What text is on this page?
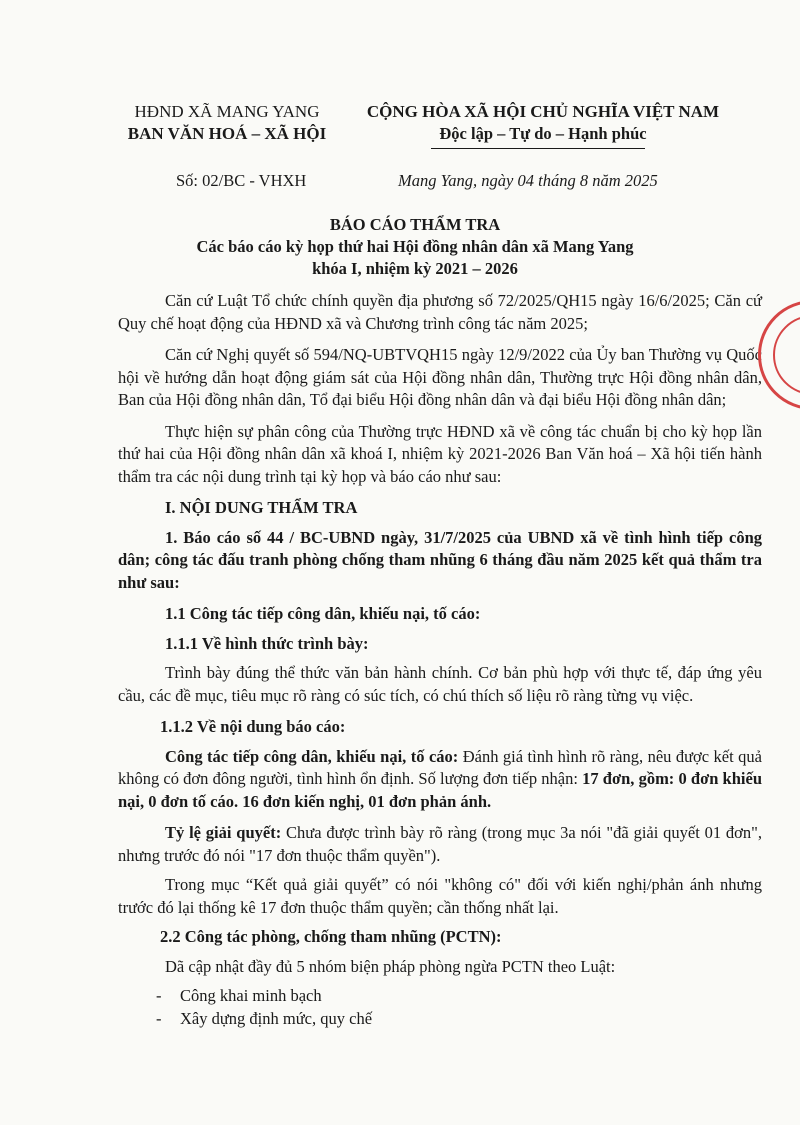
HĐND XÃ MANG YANG
BAN VĂN HOÁ – XÃ HỘI
CỘNG HÒA XÃ HỘI CHỦ NGHĨA VIỆT NAM
Độc lập – Tự do – Hạnh phúc
Số: 02/BC - VHXH	Mang Yang, ngày 04 tháng 8 năm 2025
BÁO CÁO THẨM TRA
Các báo cáo kỳ họp thứ hai Hội đồng nhân dân xã Mang Yang
khóa I, nhiệm kỳ 2021 – 2026

Căn cứ Luật Tổ chức chính quyền địa phương số 72/2025/QH15 ngày 16/6/2025; Căn cứ Quy chế hoạt động của HĐND xã và Chương trình công tác năm 2025;

Căn cứ Nghị quyết số 594/NQ-UBTVQH15 ngày 12/9/2022 của Ủy ban Thường vụ Quốc hội về hướng dẫn hoạt động giám sát của Hội đồng nhân dân, Thường trực Hội đồng nhân dân, Ban của Hội đồng nhân dân, Tổ đại biểu Hội đồng nhân dân và đại biểu Hội đồng nhân dân;

Thực hiện sự phân công của Thường trực HĐND xã về công tác chuẩn bị cho kỳ họp lần thứ hai của Hội đồng nhân dân xã khoá I, nhiệm kỳ 2021-2026 Ban Văn hoá – Xã hội tiến hành thẩm tra các nội dung trình tại kỳ họp và báo cáo như sau:

I. NỘI DUNG THẨM TRA

1. Báo cáo số 44 / BC-UBND ngày, 31/7/2025 của UBND xã về tình hình tiếp công dân; công tác đấu tranh phòng chống tham nhũng 6 tháng đầu năm 2025 kết quả thẩm tra như sau:

1.1 Công tác tiếp công dân, khiếu nại, tố cáo:
1.1.1 Về hình thức trình bày:

Trình bày đúng thể thức văn bản hành chính. Cơ bản phù hợp với thực tế, đáp ứng yêu cầu, các đề mục, tiêu mục rõ ràng có súc tích, có chú thích số liệu rõ ràng từng vụ việc.

1.1.2 Về nội dung báo cáo:

Công tác tiếp công dân, khiếu nại, tố cáo: Đánh giá tình hình rõ ràng, nêu được kết quả không có đơn đông người, tình hình ổn định. Số lượng đơn tiếp nhận: 17 đơn, gồm: 0 đơn khiếu nại, 0 đơn tố cáo. 16 đơn kiến nghị, 01 đơn phản ánh.

Tỷ lệ giải quyết: Chưa được trình bày rõ ràng (trong mục 3a nói "đã giải quyết 01 đơn", nhưng trước đó nói "17 đơn thuộc thẩm quyền").

Trong mục “Kết quả giải quyết” có nói "không có" đối với kiến nghị/phản ánh nhưng trước đó lại thống kê 17 đơn thuộc thẩm quyền; cần thống nhất lại.

2.2 Công tác phòng, chống tham nhũng (PCTN):

Dã cập nhật đầy đủ 5 nhóm biện pháp phòng ngừa PCTN theo Luật:

- Công khai minh bạch

- Xây dựng định mức, quy chế
